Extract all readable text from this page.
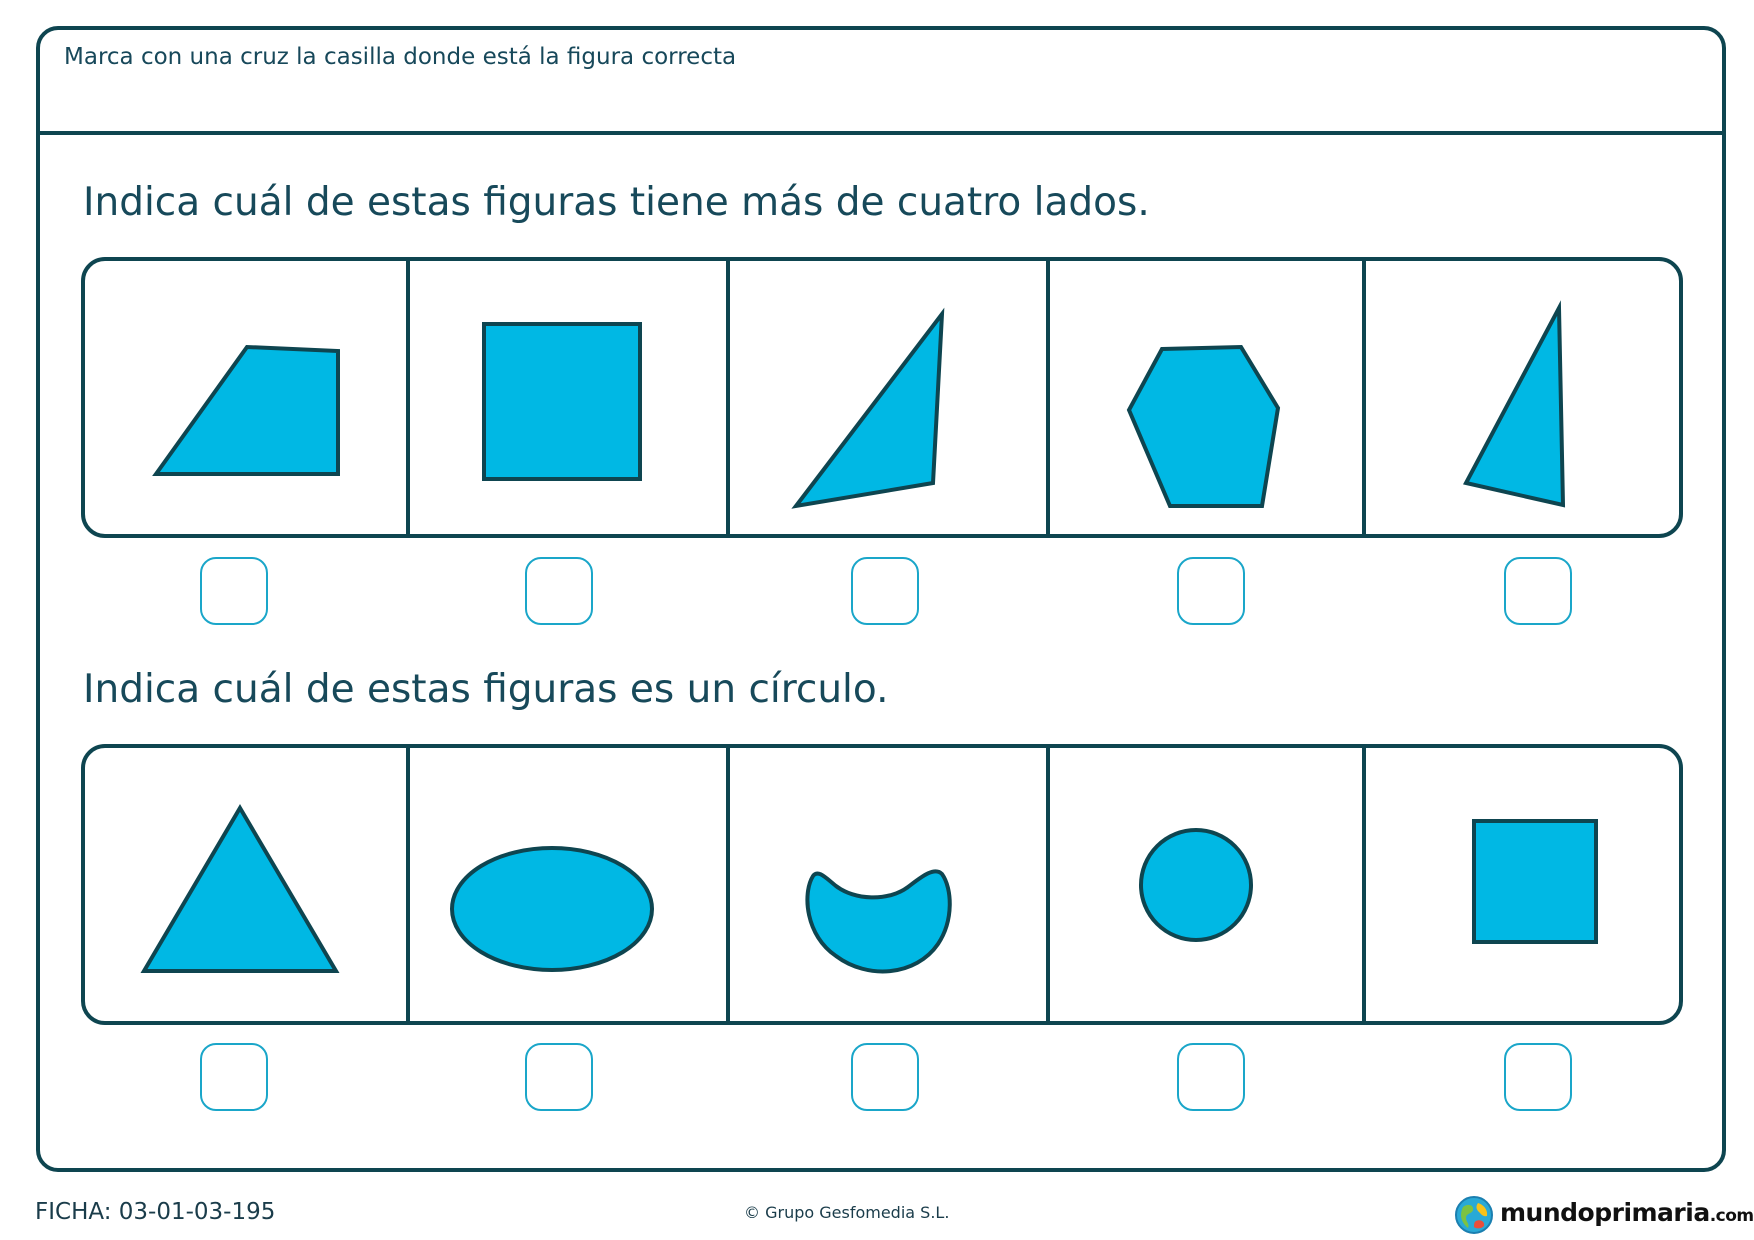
Marca con una cruz la casilla donde está la figura correcta
Indica cuál de estas figuras tiene más de cuatro lados.
Indica cuál de estas figuras es un círculo.
FICHA: 03-01-03-195	© Grupo Gesfomedia S.L.	mundoprimaria.com
